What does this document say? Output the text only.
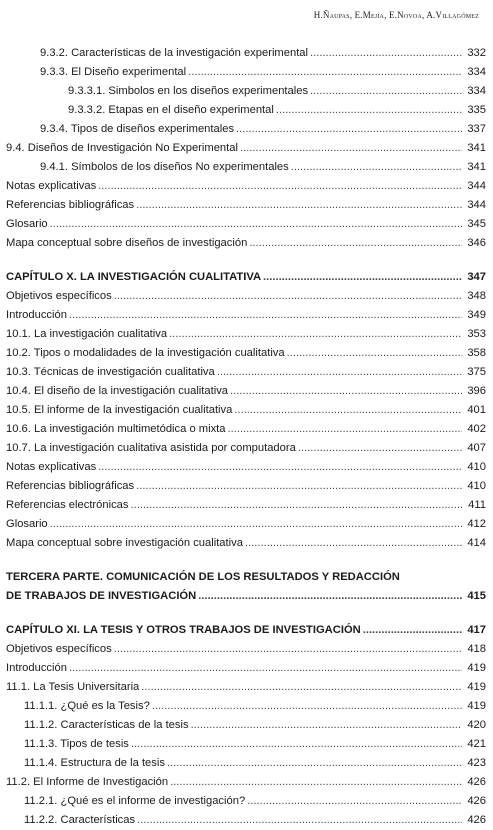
H.Ñaupas, E.Mejía, E.Novoa, A.Villagómez
9.3.2. Características de la investigación experimental .....	332
9.3.3. El Diseño experimental .....	334
9.3.3.1. Simbolos en los diseños experimentales .....	334
9.3.3.2. Etapas en el diseño experimental .....	335
9.3.4. Tipos de diseños experimentales .....	337
9.4. Diseños de Investigación No Experimental .....	341
9.4.1. Símbolos de los diseños No experimentales .....	341
Notas explicativas .....	344
Referencias bibliográficas .....	344
Glosario .....	345
Mapa conceptual sobre diseños de investigación .....	346
CAPÍTULO X. LA INVESTIGACIÓN CUALITATIVA .....	347
Objetivos específicos .....	348
Introducción .....	349
10.1. La investigación cualitativa .....	353
10.2. Tipos o modalidades de la investigación cualitativa .....	358
10.3. Técnicas de investigación cualitativa .....	375
10.4. El diseño de la investigación cualitativa .....	396
10.5. El informe de la investigación cualitativa .....	401
10.6. La investigación multimetódica o mixta .....	402
10.7. La investigación cualitativa asistida por computadora .....	407
Notas explicativas .....	410
Referencias bibliográficas .....	410
Referencias electrónicas .....	411
Glosario .....	412
Mapa conceptual sobre investigación cualitativa .....	414
TERCERA PARTE. COMUNICACIÓN DE LOS RESULTADOS Y REDACCIÓN
DE TRABAJOS DE INVESTIGACIÓN .....	415
CAPÍTULO XI. LA TESIS Y OTROS TRABAJOS DE INVESTIGACIÓN .....	417
Objetivos específicos .....	418
Introducción .....	419
11.1. La Tesis Universitaria .....	419
11.1.1. ¿Qué es la Tesis? .....	419
11.1.2. Características de la tesis .....	420
11.1.3. Tipos de tesis .....	421
11.1.4. Estructura de la tesis .....	423
11.2. El Informe de Investigación .....	426
11.2.1. ¿Qué es el informe de investigación? .....	426
11.2.2. Características .....	426
